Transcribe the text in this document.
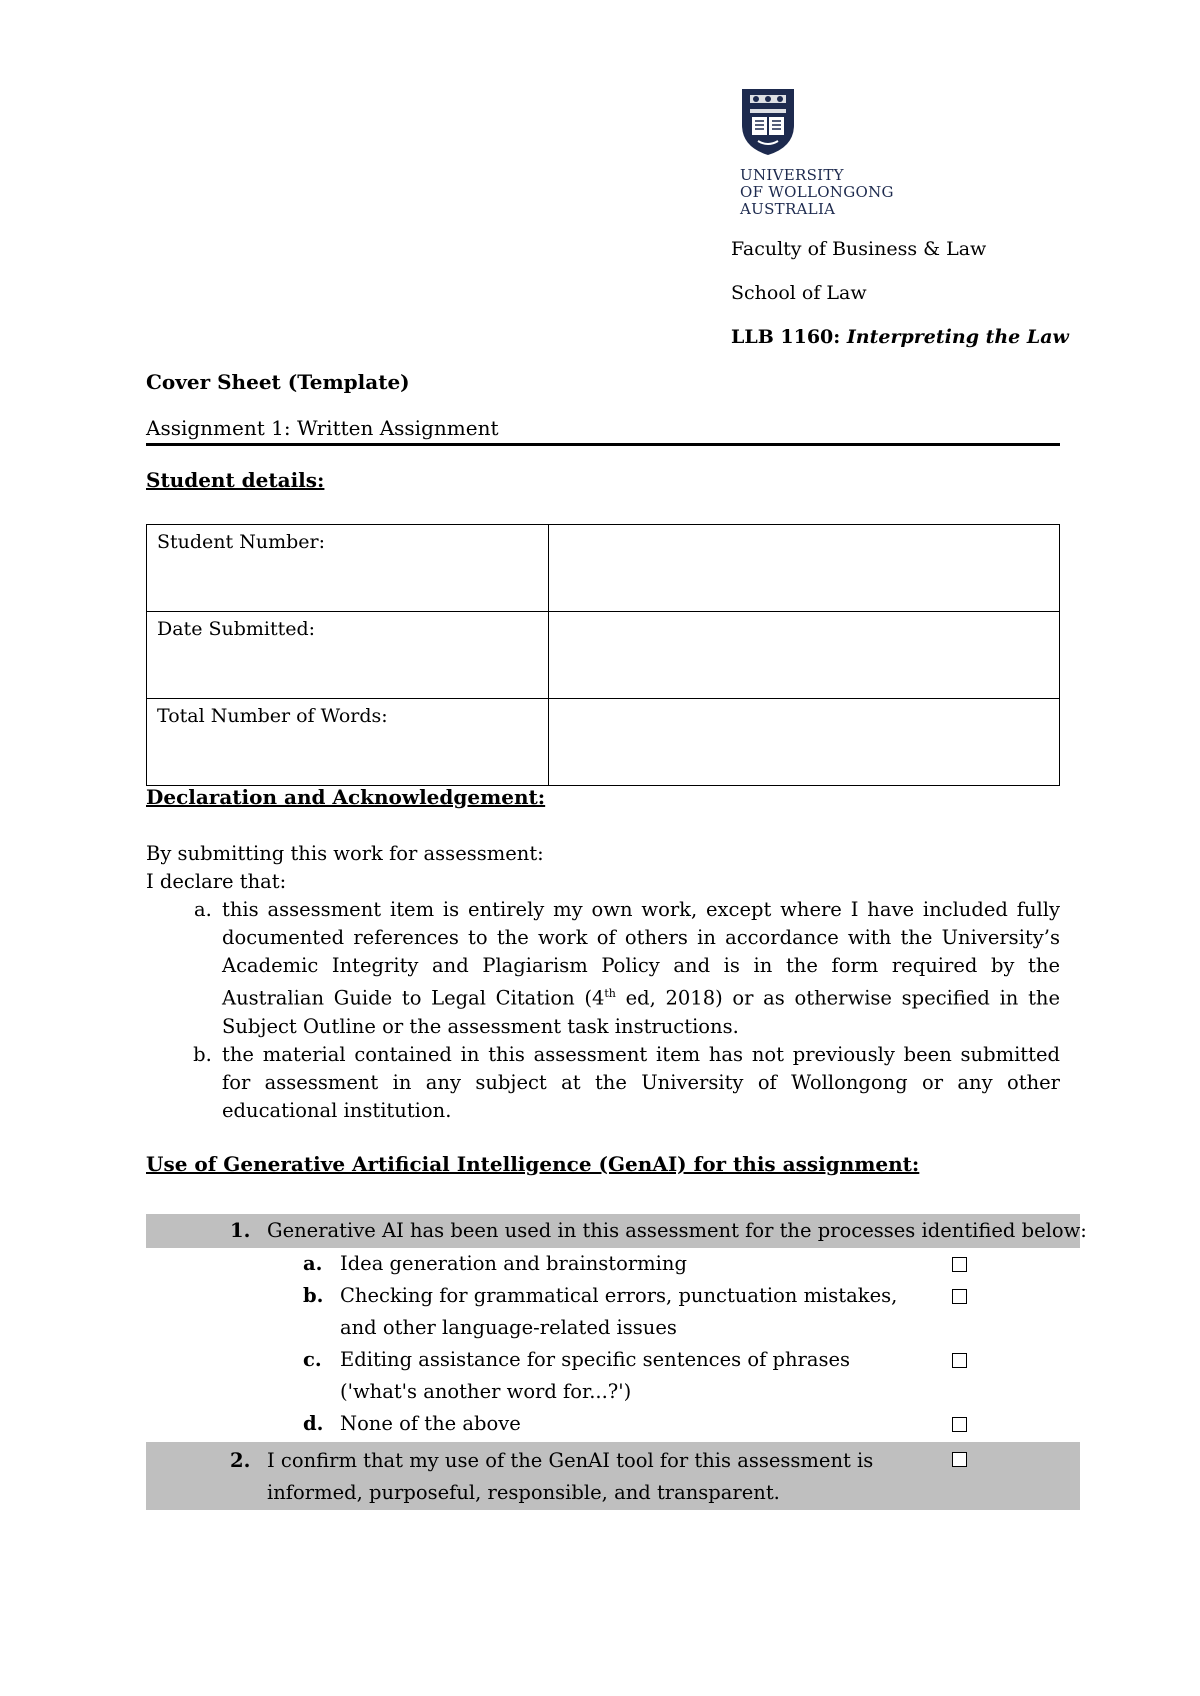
UNIVERSITY
OF WOLLONGONG
AUSTRALIA
Faculty of Business & Law
School of Law
LLB 1160: Interpreting the Law
Cover Sheet (Template)
Assignment 1: Written Assignment
Student details:
Student Number:	
Date Submitted:	
Total Number of Words:	
Declaration and Acknowledgement:

By submitting this work for assessment:

I declare that:

a. this assessment item is entirely my own work, except where I have included fully documented references to the work of others in accordance with the University’s Academic Integrity and Plagiarism Policy and is in the form required by the Australian Guide to Legal Citation (4th ed, 2018) or as otherwise specified in the Subject Outline or the assessment task instructions.
b. the material contained in this assessment item has not previously been submitted for assessment in any subject at the University of Wollongong or any other educational institution.
Use of Generative Artificial Intelligence (GenAI) for this assignment:
1. Generative AI has been used in this assessment for the processes identified below:
a. Idea generation and brainstorming
b. Checking for grammatical errors, punctuation mistakes, and other language-related issues
c. Editing assistance for specific sentences of phrases ('what's another word for...?')
d. None of the above
2. I confirm that my use of the GenAI tool for this assessment is informed, purposeful, responsible, and transparent.
